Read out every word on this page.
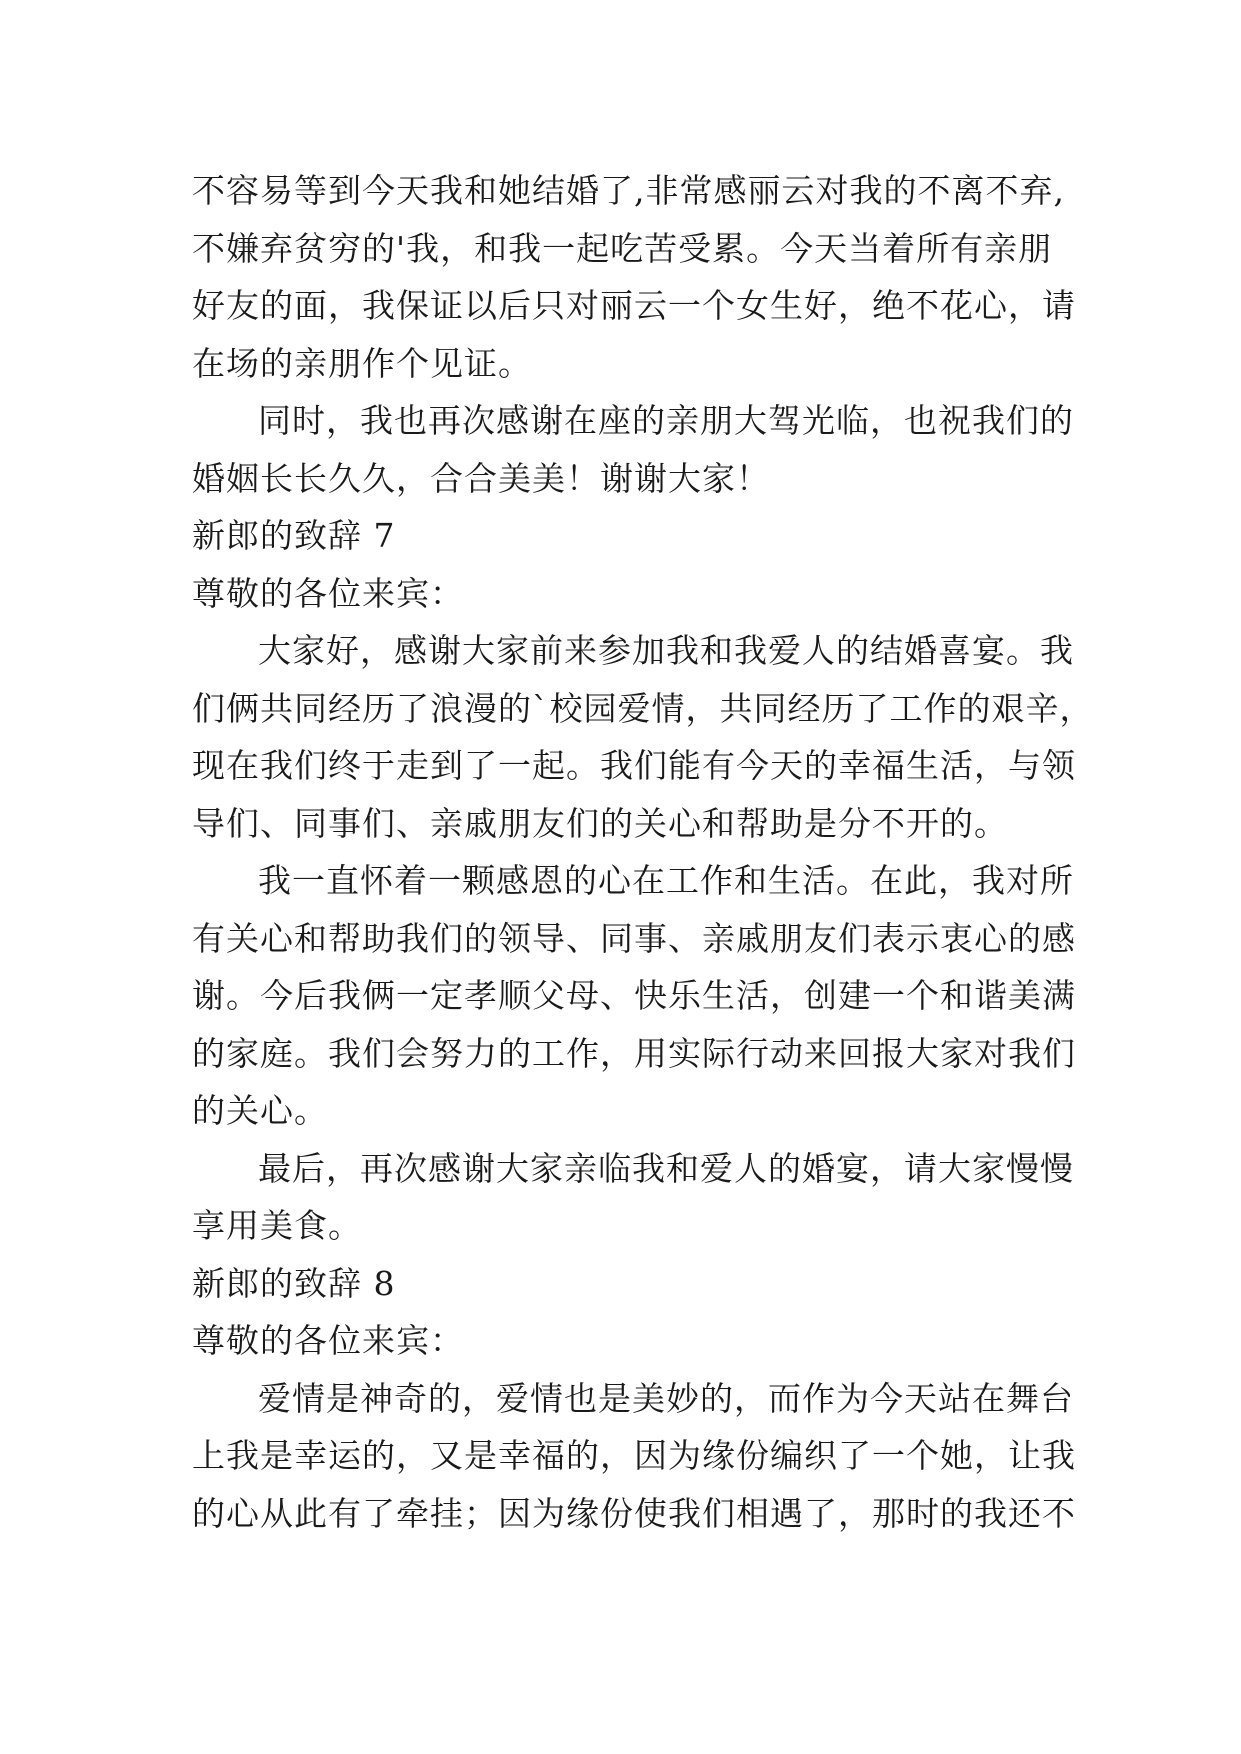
不容易等到今天我和她结婚了,非常感丽云对我的不离不弃,
不嫌弃贫穷的'我，和我一起吃苦受累。今天当着所有亲朋
好友的面，我保证以后只对丽云一个女生好，绝不花心，请
在场的亲朋作个见证。
同时，我也再次感谢在座的亲朋大驾光临，也祝我们的
婚姻长长久久，合合美美！谢谢大家！
新郎的致辞 7
尊敬的各位来宾：
大家好，感谢大家前来参加我和我爱人的结婚喜宴。我
们俩共同经历了浪漫的`校园爱情，共同经历了工作的艰辛，
现在我们终于走到了一起。我们能有今天的幸福生活，与领
导们、同事们、亲戚朋友们的关心和帮助是分不开的。
我一直怀着一颗感恩的心在工作和生活。在此，我对所
有关心和帮助我们的领导、同事、亲戚朋友们表示衷心的感
谢。今后我俩一定孝顺父母、快乐生活，创建一个和谐美满
的家庭。我们会努力的工作，用实际行动来回报大家对我们
的关心。
最后，再次感谢大家亲临我和爱人的婚宴，请大家慢慢
享用美食。
新郎的致辞 8
尊敬的各位来宾：
爱情是神奇的，爱情也是美妙的，而作为今天站在舞台
上我是幸运的，又是幸福的，因为缘份编织了一个她，让我
的心从此有了牵挂；因为缘份使我们相遇了，那时的我还不
